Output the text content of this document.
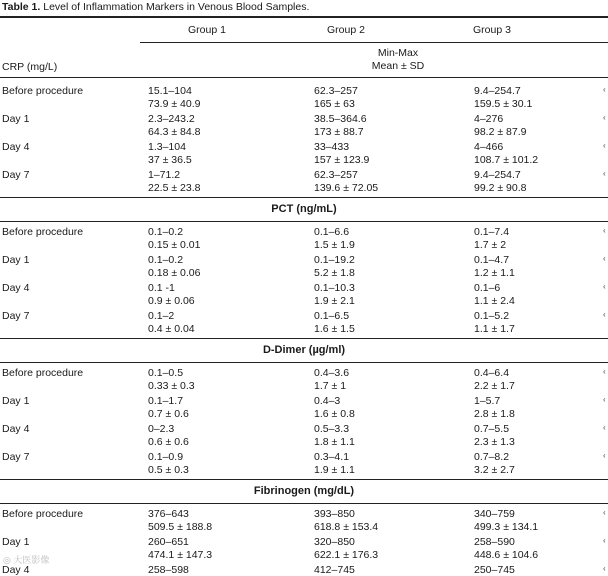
Table 1. Level of Inflammation Markers in Venous Blood Samples.
Group 1	Group 2	Group 3
Min-Max
Mean ± SD
CRP (mg/L)
Before procedure	15.1–104	62.3–257	9.4–254.7	‹
73.9 ± 40.9	165 ± 63	159.5 ± 30.1
Day 1	2.3–243.2	38.5–364.6	4–276	‹
64.3 ± 84.8	173 ± 88.7	98.2 ± 87.9
Day 4	1.3–104	33–433	4–466	‹
37 ± 36.5	157 ± 123.9	108.7 ± 101.2
Day 7	1–71.2	62.3–257	9.4–254.7	‹
22.5 ± 23.8	139.6 ± 72.05	99.2 ± 90.8
PCT (ng/mL)
Before procedure	0.1–0.2	0.1–6.6	0.1–7.4	‹
0.15 ± 0.01	1.5 ± 1.9	1.7 ± 2
Day 1	0.1–0.2	0.1–19.2	0.1–4.7	‹
0.18 ± 0.06	5.2 ± 1.8	1.2 ± 1.1
Day 4	0.1 -1	0.1–10.3	0.1–6	‹
0.9 ± 0.06	1.9 ± 2.1	1.1 ± 2.4
Day 7	0.1–2	0.1–6.5	0.1–5.2	‹
0.4 ± 0.04	1.6 ± 1.5	1.1 ± 1.7
D-Dimer (µg/ml)
Before procedure	0.1–0.5	0.4–3.6	0.4–6.4	‹
0.33 ± 0.3	1.7 ± 1	2.2 ± 1.7
Day 1	0.1–1.7	0.4–3	1–5.7	‹
0.7 ± 0.6	1.6 ± 0.8	2.8 ± 1.8
Day 4	0–2.3	0.5–3.3	0.7–5.5	‹
0.6 ± 0.6	1.8 ± 1.1	2.3 ± 1.3
Day 7	0.1–0.9	0.3–4.1	0.7–8.2	‹
0.5 ± 0.3	1.9 ± 1.1	3.2 ± 2.7
Fibrinogen (mg/dL)
Before procedure	376–643	393–850	340–759	‹
509.5 ± 188.8	618.8 ± 153.4	499.3 ± 134.1
Day 1	260–651	320–850	258–590	‹
474.1 ± 147.3	622.1 ± 176.3	448.6 ± 104.6
Day 4	258–598	412–745	250–745	‹
◎ 大医影像
